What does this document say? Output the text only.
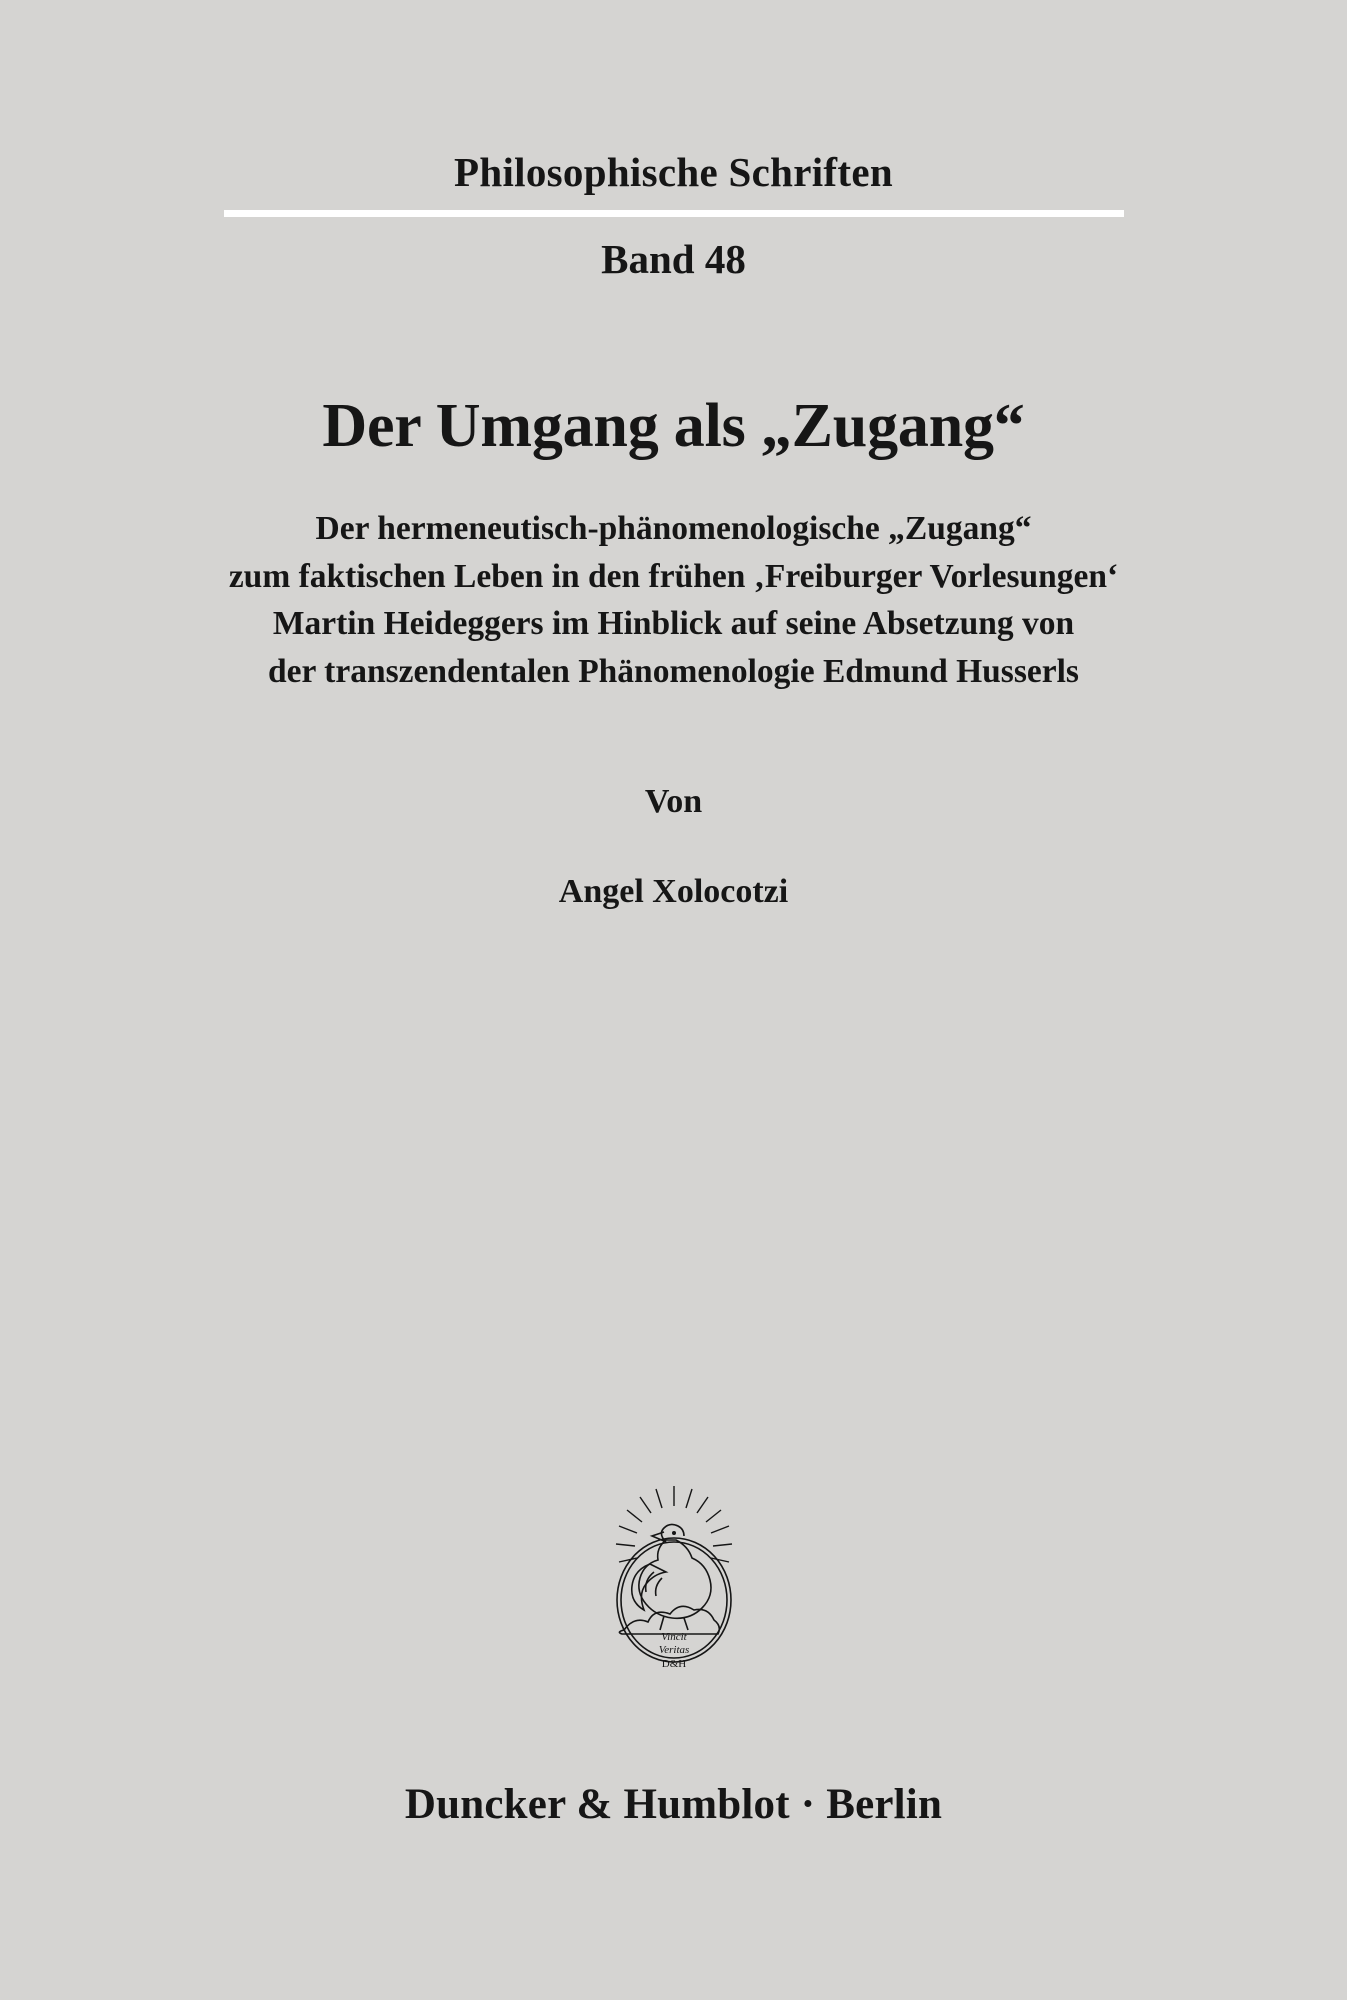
Philosophische Schriften
Band 48
Der Umgang als „Zugang“
Der hermeneutisch-phänomenologische „Zugang“
zum faktischen Leben in den frühen ‚Freiburger Vorlesungen‘
Martin Heideggers im Hinblick auf seine Absetzung von
der transzendentalen Phänomenologie Edmund Husserls
Von
Angel Xolocotzi
Vincit
Veritas
D&H
Duncker & Humblot · Berlin
